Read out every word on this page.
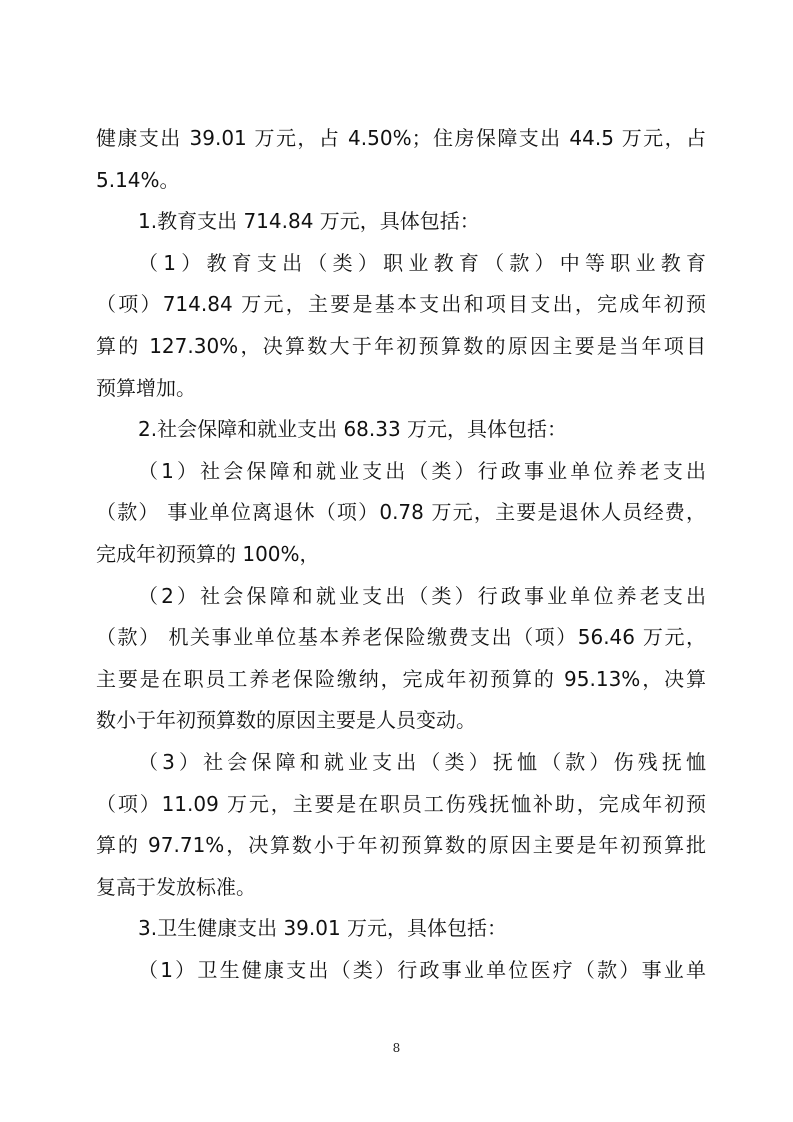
健康支出 39.01 万元，占 4.50%；住房保障支出 44.5 万元，占
5.14%。
1.教育支出 714.84 万元，具体包括：
（1）教育支出（类）职业教育（款）中等职业教育
（项）714.84 万元，主要是基本支出和项目支出，完成年初预
算的 127.30%，决算数大于年初预算数的原因主要是当年项目
预算增加。
2.社会保障和就业支出 68.33 万元，具体包括：
（1）社会保障和就业支出（类）行政事业单位养老支出
（款） 事业单位离退休（项）0.78 万元，主要是退休人员经费，
完成年初预算的 100%，
（2）社会保障和就业支出（类）行政事业单位养老支出
（款） 机关事业单位基本养老保险缴费支出（项）56.46 万元，
主要是在职员工养老保险缴纳，完成年初预算的 95.13%，决算
数小于年初预算数的原因主要是人员变动。
（3）社会保障和就业支出（类）抚恤（款）伤残抚恤
（项）11.09 万元，主要是在职员工伤残抚恤补助，完成年初预
算的 97.71%，决算数小于年初预算数的原因主要是年初预算批
复高于发放标准。
3.卫生健康支出 39.01 万元，具体包括：
（1）卫生健康支出（类）行政事业单位医疗（款）事业单
8
